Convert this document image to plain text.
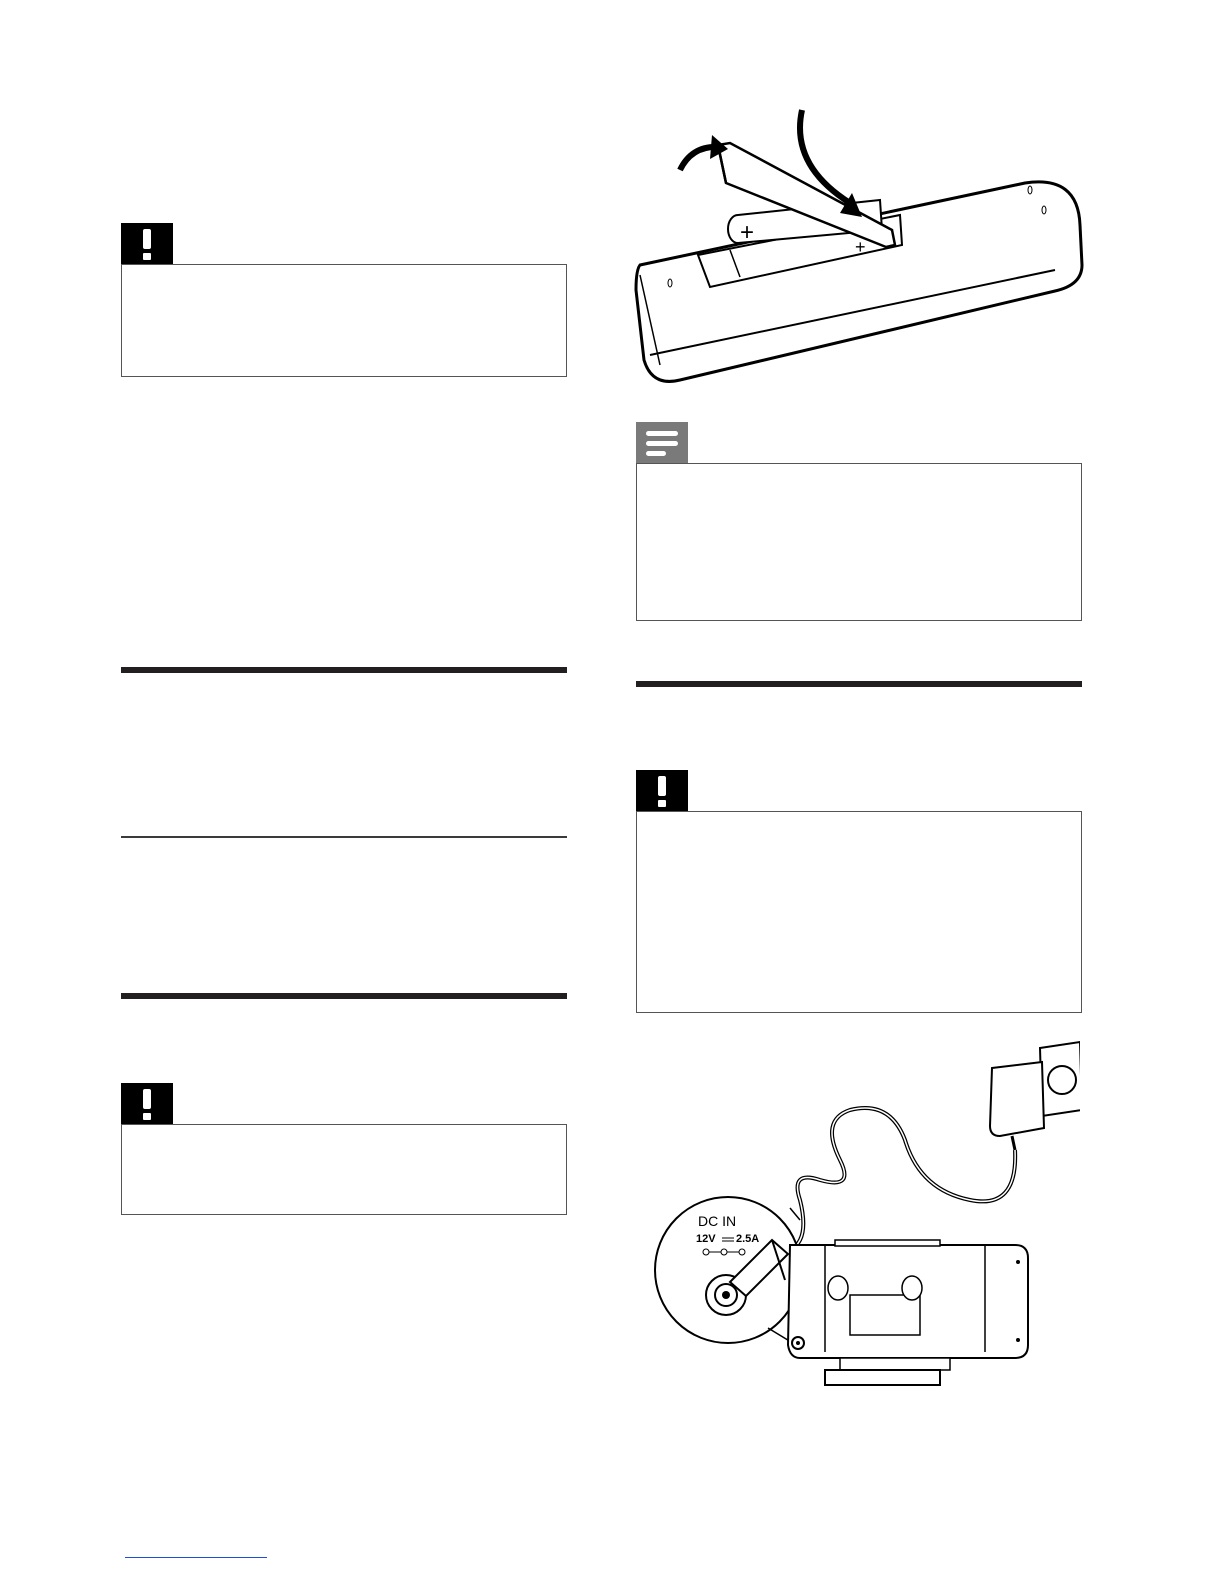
+
+
DC IN
12V 2.5A
